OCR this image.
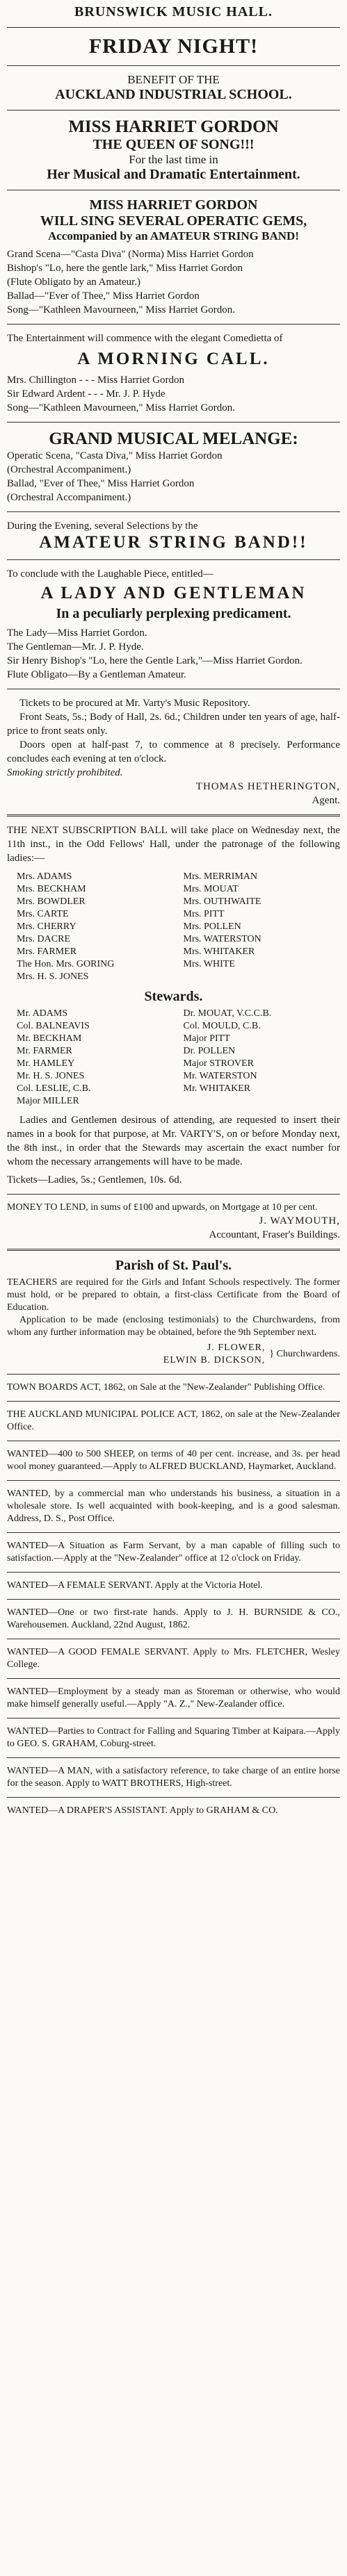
BRUNSWICK MUSIC HALL.
FRIDAY NIGHT!
BENEFIT OF THE
AUCKLAND INDUSTRIAL SCHOOL.
MISS HARRIET GORDON
THE QUEEN OF SONG!!!
For the last time in
Her Musical and Dramatic Entertainment.
MISS HARRIET GORDON
WILL SING SEVERAL OPERATIC GEMS,
Accompanied by an AMATEUR STRING BAND!
Grand Scena—"Casta Diva" (Norma) Miss Harriet Gordon
Bishop's "Lo, here the gentle lark," Miss Harriet Gordon
(Flute Obligato by an Amateur.)
Ballad—"Ever of Thee," Miss Harriet Gordon
Song—"Kathleen Mavourneen," Miss Harriet Gordon.
The Entertainment will commence with the elegant Comedietta of
A MORNING CALL.
Mrs. Chillington - - - Miss Harriet Gordon
Sir Edward Ardent - - - Mr. J. P. Hyde
Song—"Kathleen Mavourneen," Miss Harriet Gordon.
GRAND MUSICAL MELANGE:
Operatic Scena, "Casta Diva," Miss Harriet Gordon
(Orchestral Accompaniment.)
Ballad, "Ever of Thee," Miss Harriet Gordon
(Orchestral Accompaniment.)
During the Evening, several Selections by the
AMATEUR STRING BAND!!
To conclude with the Laughable Piece, entitled—
A LADY AND GENTLEMAN
In a peculiarly perplexing predicament.
The Lady—Miss Harriet Gordon.
The Gentleman—Mr. J. P. Hyde.
Sir Henry Bishop's "Lo, here the Gentle Lark,"—Miss Harriet Gordon.
Flute Obligato—By a Gentleman Amateur.
Tickets to be procured at Mr. Varty's Music Repository.
Front Seats, 5s.; Body of Hall, 2s. 6d.; Children under ten years of age, half-price to front seats only.
Doors open at half-past 7, to commence at 8 precisely. Performance concludes each evening at ten o'clock.
Smoking strictly prohibited.
THOMAS HETHERINGTON,
Agent.
THE NEXT SUBSCRIPTION BALL will take place on Wednesday next, the 11th inst., in the Odd Fellows' Hall, under the patronage of the following ladies:—
Mrs. ADAMS
Mrs. BECKHAM
Mrs. BOWDLER
Mrs. CARTE
Mrs. CHERRY
Mrs. DACRE
Mrs. FARMER
The Hon. Mrs. GORING
Mrs. H. S. JONES
Mrs. MERRIMAN
Mrs. MOUAT
Mrs. OUTHWAITE
Mrs. PITT
Mrs. POLLEN
Mrs. WATERSTON
Mrs. WHITAKER
Mrs. WHITE
Stewards.
Mr. ADAMS
Col. BALNEAVIS
Mr. BECKHAM
Mr. FARMER
Mr. HAMLEY
Mr. H. S. JONES
Col. LESLIE, C.B.
Major MILLER
Dr. MOUAT, V.C.C.B.
Col. MOULD, C.B.
Major PITT
Dr. POLLEN
Major STROVER
Mr. WATERSTON
Mr. WHITAKER
Ladies and Gentlemen desirous of attending, are requested to insert their names in a book for that purpose, at Mr. VARTY'S, on or before Monday next, the 8th inst., in order that the Stewards may ascertain the exact number for whom the necessary arrangements will have to be made.
Tickets—Ladies, 5s.; Gentlemen, 10s. 6d.
MONEY TO LEND, in sums of £100 and upwards, on Mortgage at 10 per cent.
J. WAYMOUTH,
Accountant, Fraser's Buildings.
Parish of St. Paul's.
TEACHERS are required for the Girls and Infant Schools respectively. The former must hold, or be prepared to obtain, a first-class Certificate from the Board of Education.
Application to be made (enclosing testimonials) to the Churchwardens, from whom any further information may be obtained, before the 9th September next.
J. FLOWER,
ELWIN B. DICKSON,
} Churchwardens.
TOWN BOARDS ACT, 1862, on Sale at the "New-Zealander" Publishing Office.
THE AUCKLAND MUNICIPAL POLICE ACT, 1862, on sale at the New-Zealander Office.
WANTED—400 to 500 SHEEP, on terms of 40 per cent. increase, and 3s. per head wool money guaranteed.—Apply to ALFRED BUCKLAND, Haymarket, Auckland.
WANTED, by a commercial man who understands his business, a situation in a wholesale store. Is well acquainted with book-keeping, and is a good salesman. Address, D. S., Post Office.
WANTED—A Situation as Farm Servant, by a man capable of filling such to satisfaction.—Apply at the "New-Zealander" office at 12 o'clock on Friday.
WANTED—A FEMALE SERVANT. Apply at the Victoria Hotel.
WANTED—One or two first-rate hands. Apply to J. H. BURNSIDE & CO., Warehousemen. Auckland, 22nd August, 1862.
WANTED—A GOOD FEMALE SERVANT. Apply to Mrs. FLETCHER, Wesley College.
WANTED—Employment by a steady man as Storeman or otherwise, who would make himself generally useful.—Apply "A. Z.," New-Zealander office.
WANTED—Parties to Contract for Falling and Squaring Timber at Kaipara.—Apply to GEO. S. GRAHAM, Coburg-street.
WANTED—A MAN, with a satisfactory reference, to take charge of an entire horse for the season. Apply to WATT BROTHERS, High-street.
WANTED—A DRAPER'S ASSISTANT. Apply to GRAHAM & CO.
